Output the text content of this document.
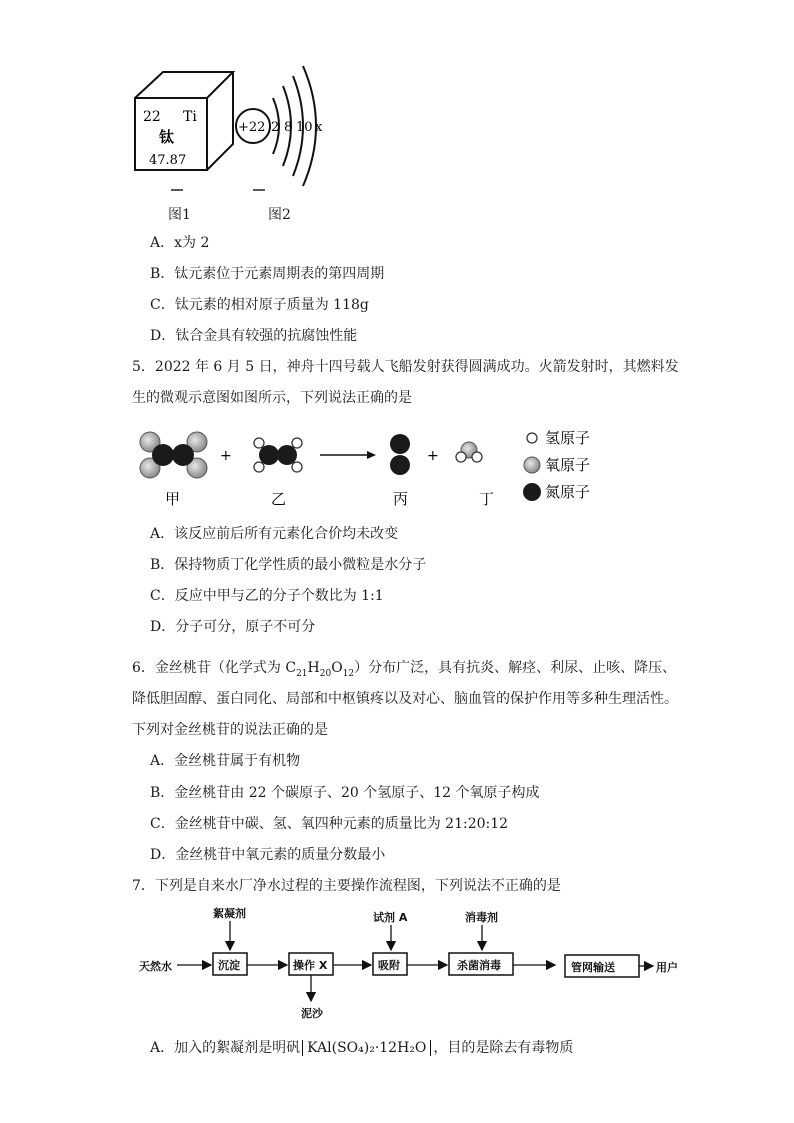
22 Ti
钛
47.87
+22 2 8 10 x
图1	图2
A．x为 2
B．钛元素位于元素周期表的第四周期
C．钛元素的相对原子质量为 118g
D．钛合金具有较强的抗腐蚀性能
5．2022 年 6 月 5 日，神舟十四号载人飞船发射获得圆满成功。火箭发射时，其燃料发
生的微观示意图如图所示，下列说法正确的是
+	+
甲	乙	丙	丁
氢原子
氧原子
氮原子
A．该反应前后所有元素化合价均未改变
B．保持物质丁化学性质的最小微粒是水分子
C．反应中甲与乙的分子个数比为 1:1
D．分子可分，原子不可分
6．金丝桃苷（化学式为 $C_{21}H_{20}O_{12}$）分布广泛，具有抗炎、解痉、利尿、止咳、降压、
降低胆固醇、蛋白同化、局部和中枢镇疼以及对心、脑血管的保护作用等多种生理活性。
下列对金丝桃苷的说法正确的是
A．金丝桃苷属于有机物
B．金丝桃苷由 22 个碳原子、20 个氢原子、12 个氧原子构成
C．金丝桃苷中碳、氢、氧四种元素的质量比为 21:20:12
D．金丝桃苷中氧元素的质量分数最小
7．下列是自来水厂净水过程的主要操作流程图，下列说法不正确的是
天然水	沉淀
絮凝剂
操作 X
泥沙
吸附
试剂 A
杀菌消毒
消毒剂
管网输送	用户
A．加入的絮凝剂是明矾 KAl(SO₄)₂·12H₂O ，目的是除去有毒物质
